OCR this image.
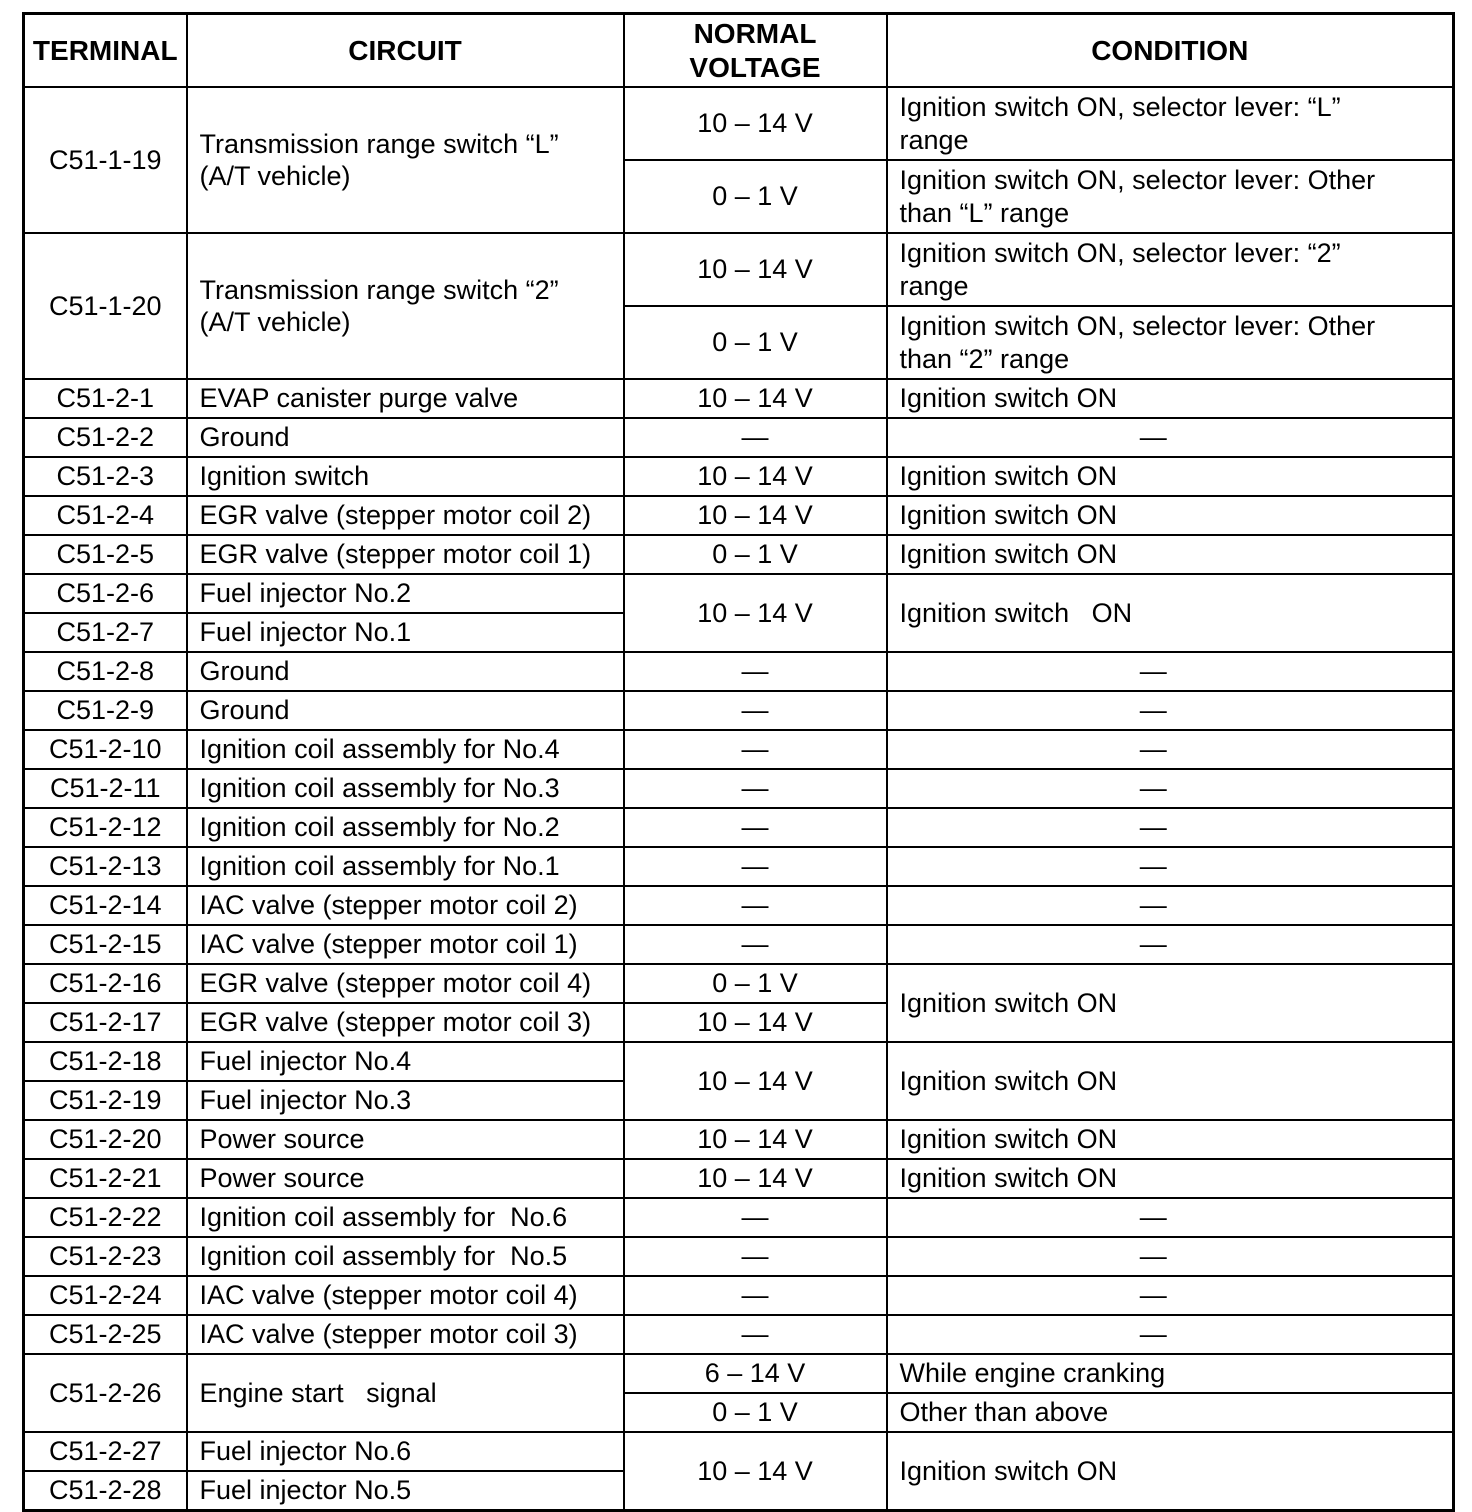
TERMINAL	CIRCUIT	NORMAL VOLTAGE	CONDITION
C51-1-19	Transmission range switch “L” (A/T vehicle)	10 – 14 V	Ignition switch ON, selector lever: “L” range
		0 – 1 V	Ignition switch ON, selector lever: Other than “L” range
C51-1-20	Transmission range switch “2” (A/T vehicle)	10 – 14 V	Ignition switch ON, selector lever: “2” range
		0 – 1 V	Ignition switch ON, selector lever: Other than “2” range
C51-2-1	EVAP canister purge valve	10 – 14 V	Ignition switch ON
C51-2-2	Ground	—	—
C51-2-3	Ignition switch	10 – 14 V	Ignition switch ON
C51-2-4	EGR valve (stepper motor coil 2)	10 – 14 V	Ignition switch ON
C51-2-5	EGR valve (stepper motor coil 1)	0 – 1 V	Ignition switch ON
C51-2-6	Fuel injector No.2	10 – 14 V	Ignition switch   ON
C51-2-7	Fuel injector No.1		
C51-2-8	Ground	—	—
C51-2-9	Ground	—	—
C51-2-10	Ignition coil assembly for No.4	—	—
C51-2-11	Ignition coil assembly for No.3	—	—
C51-2-12	Ignition coil assembly for No.2	—	—
C51-2-13	Ignition coil assembly for No.1	—	—
C51-2-14	IAC valve (stepper motor coil 2)	—	—
C51-2-15	IAC valve (stepper motor coil 1)	—	—
C51-2-16	EGR valve (stepper motor coil 4)	0 – 1 V	Ignition switch ON
C51-2-17	EGR valve (stepper motor coil 3)	10 – 14 V	
C51-2-18	Fuel injector No.4	10 – 14 V	Ignition switch ON
C51-2-19	Fuel injector No.3		
C51-2-20	Power source	10 – 14 V	Ignition switch ON
C51-2-21	Power source	10 – 14 V	Ignition switch ON
C51-2-22	Ignition coil assembly for  No.6	—	—
C51-2-23	Ignition coil assembly for  No.5	—	—
C51-2-24	IAC valve (stepper motor coil 4)	—	—
C51-2-25	IAC valve (stepper motor coil 3)	—	—
C51-2-26	Engine start   signal	6 – 14 V	While engine cranking
		0 – 1 V	Other than above
C51-2-27	Fuel injector No.6	10 – 14 V	Ignition switch ON
C51-2-28	Fuel injector No.5		
